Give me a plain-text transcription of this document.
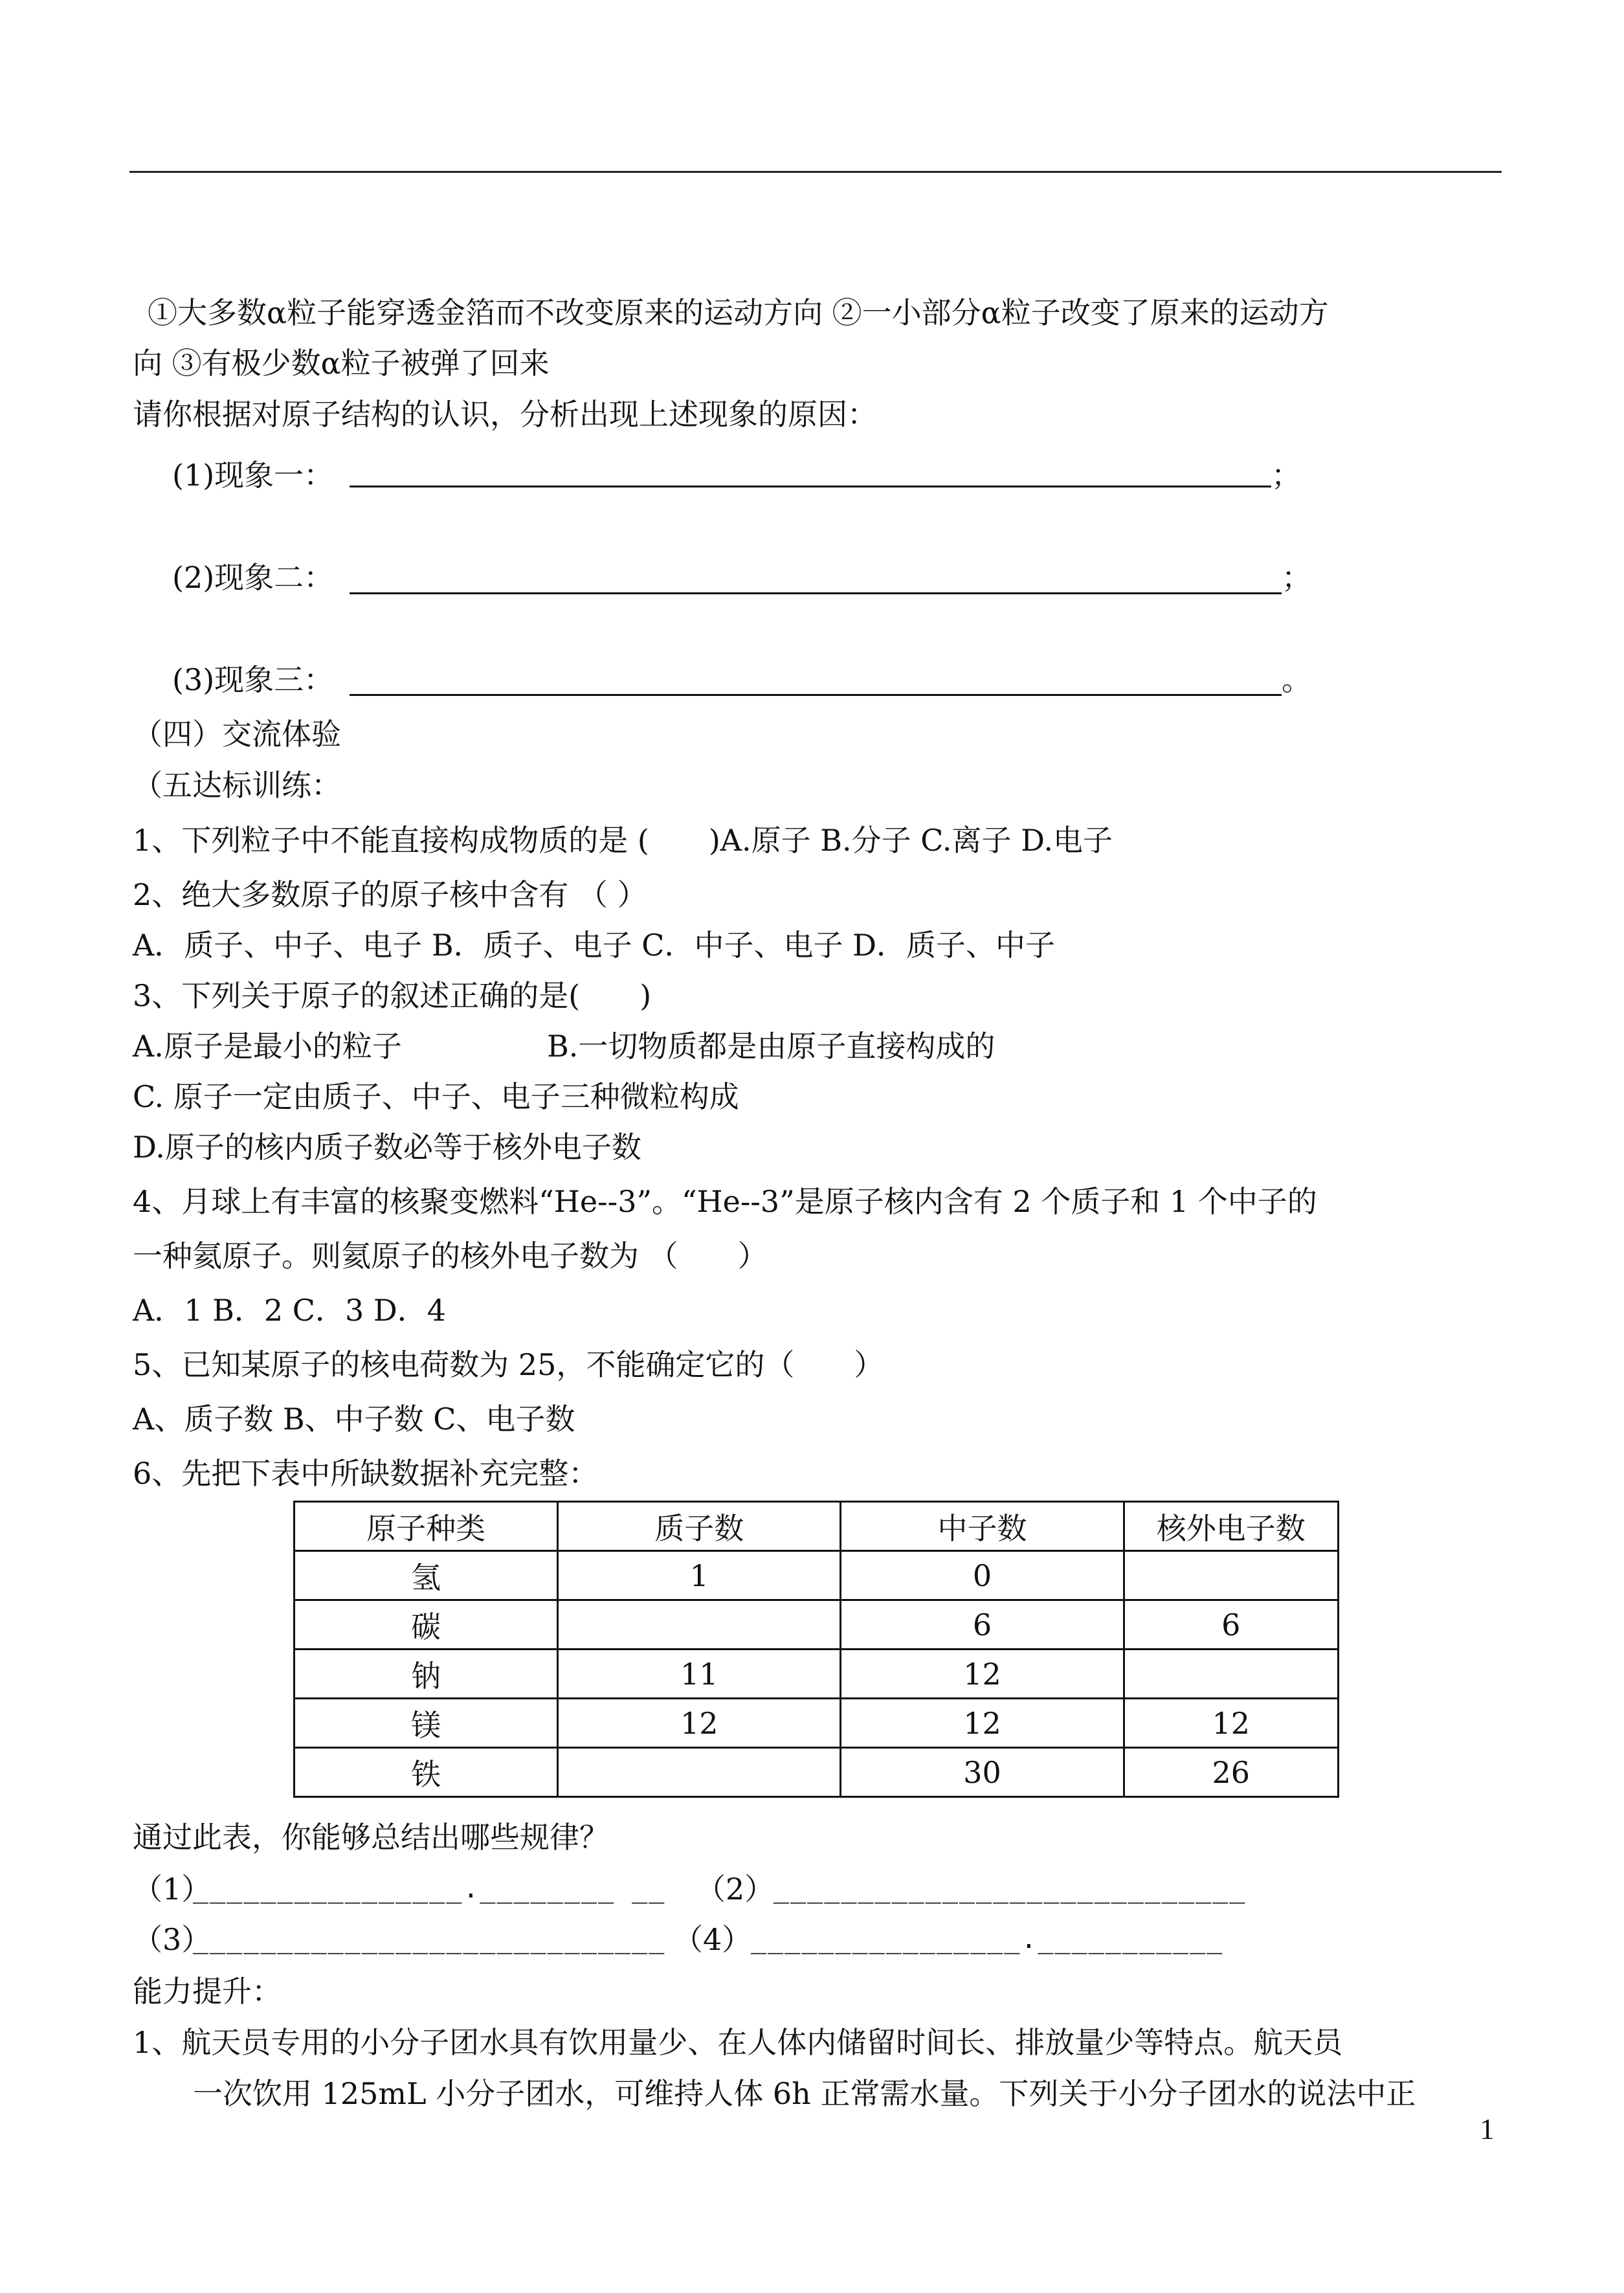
①大多数α粒子能穿透金箔而不改变原来的运动方向 ②一小部分α粒子改变了原来的运动方
向 ③有极少数α粒子被弹了回来
请你根据对原子结构的认识，分析出现上述现象的原因：
(1)现象一：	；
(2)现象二：	；
(3)现象三：	。
（四）交流体验
（五达标训练：
1、下列粒子中不能直接构成物质的是 (　　)A.原子 B.分子 C.离子 D.电子
2、绝大多数原子的原子核中含有 （ ）
A．质子、中子、电子 B．质子、电子 C．中子、电子 D．质子、中子
3、下列关于原子的叙述正确的是(　　)
A.原子是最小的粒子	B.一切物质都是由原子直接构成的
C. 原子一定由质子、中子、电子三种微粒构成
D.原子的核内质子数必等于核外电子数
4、月球上有丰富的核聚变燃料“He--3”。“He--3”是原子核内含有 2 个质子和 1 个中子的
一种氦原子。则氦原子的核外电子数为 （　　）
A．1 B．2 C．3 D．4
5、已知某原子的核电荷数为 25，不能确定它的（　　）
A、质子数 B、中子数 C、电子数
6、先把下表中所缺数据补充完整：
原子种类	质子数	中子数	核外电子数
氢	1	0	
碳		6	6
钠	11	12	
镁	12	12	12
铁		30	26
通过此表，你能够总结出哪些规律？
（1）
________________.________ __ （2）
____________________________
（3）
____________________________ （4）
________________.___________
能力提升：
1、航天员专用的小分子团水具有饮用量少、在人体内储留时间长、排放量少等特点。航天员
一次饮用 125mL 小分子团水，可维持人体 6h 正常需水量。下列关于小分子团水的说法中正
1
